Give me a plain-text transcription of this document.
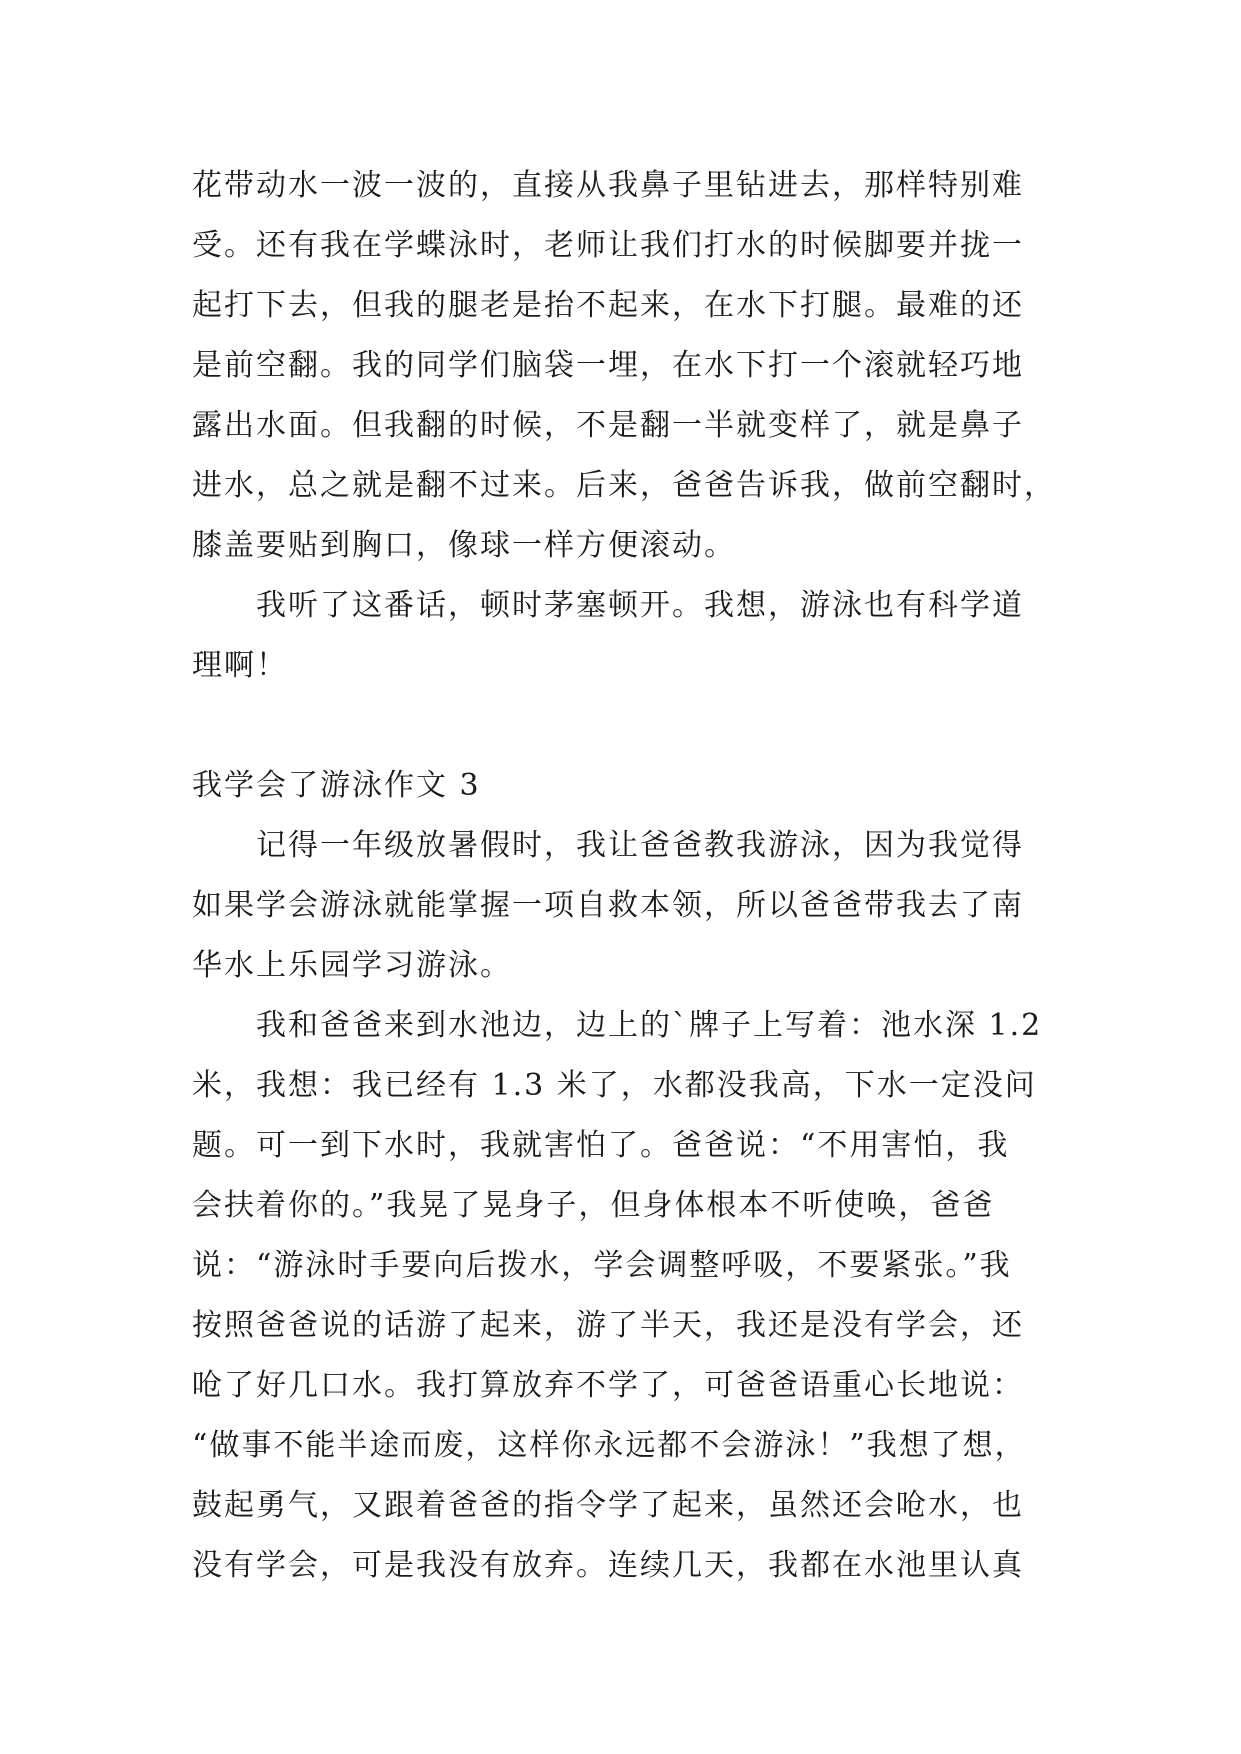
花带动水一波一波的，直接从我鼻子里钻进去，那样特别难
受。还有我在学蝶泳时，老师让我们打水的时候脚要并拢一
起打下去，但我的腿老是抬不起来，在水下打腿。最难的还
是前空翻。我的同学们脑袋一埋，在水下打一个滚就轻巧地
露出水面。但我翻的时候，不是翻一半就变样了，就是鼻子
进水，总之就是翻不过来。后来，爸爸告诉我，做前空翻时，
膝盖要贴到胸口，像球一样方便滚动。
我听了这番话，顿时茅塞顿开。我想，游泳也有科学道
理啊！
我学会了游泳作文 3
记得一年级放暑假时，我让爸爸教我游泳，因为我觉得
如果学会游泳就能掌握一项自救本领，所以爸爸带我去了南
华水上乐园学习游泳。
我和爸爸来到水池边，边上的`牌子上写着：池水深 1.2
米，我想：我已经有 1.3 米了，水都没我高，下水一定没问
题。可一到下水时，我就害怕了。爸爸说：“不用害怕，我
会扶着你的。”我晃了晃身子，但身体根本不听使唤，爸爸
说：“游泳时手要向后拨水，学会调整呼吸，不要紧张。”我
按照爸爸说的话游了起来，游了半天，我还是没有学会，还
呛了好几口水。我打算放弃不学了，可爸爸语重心长地说：
“做事不能半途而废，这样你永远都不会游泳！”我想了想，
鼓起勇气，又跟着爸爸的指令学了起来，虽然还会呛水，也
没有学会，可是我没有放弃。连续几天，我都在水池里认真
